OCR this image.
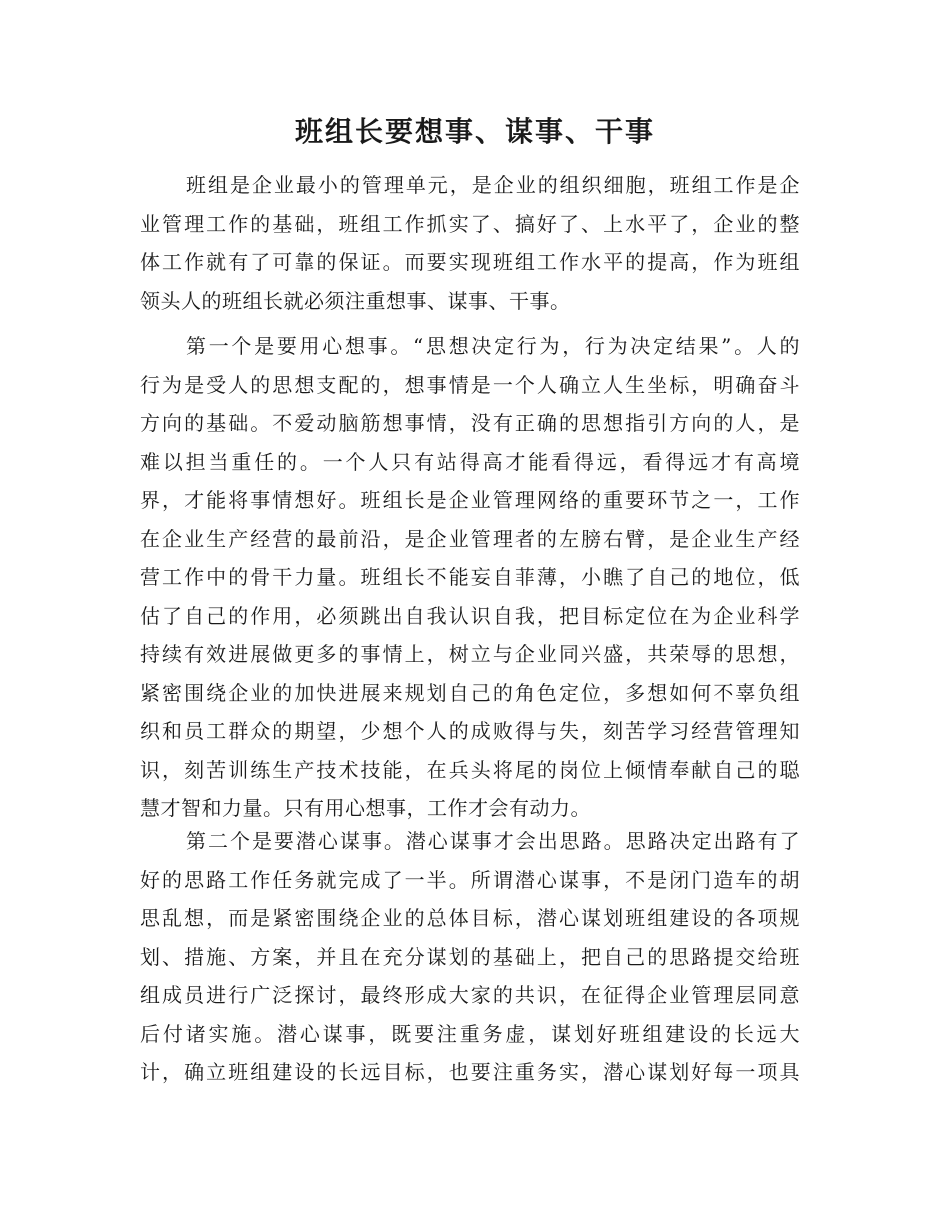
班组长要想事、谋事、干事
班组是企业最小的管理单元，是企业的组织细胞，班组工作是企
业管理工作的基础，班组工作抓实了、搞好了、上水平了，企业的整
体工作就有了可靠的保证。而要实现班组工作水平的提高，作为班组
领头人的班组长就必须注重想事、谋事、干事。
第一个是要用心想事。“思想决定行为，行为决定结果”。人的
行为是受人的思想支配的，想事情是一个人确立人生坐标，明确奋斗
方向的基础。不爱动脑筋想事情，没有正确的思想指引方向的人，是
难以担当重任的。一个人只有站得高才能看得远，看得远才有高境
界，才能将事情想好。班组长是企业管理网络的重要环节之一，工作
在企业生产经营的最前沿，是企业管理者的左膀右臂，是企业生产经
营工作中的骨干力量。班组长不能妄自菲薄，小瞧了自己的地位，低
估了自己的作用，必须跳出自我认识自我，把目标定位在为企业科学
持续有效进展做更多的事情上，树立与企业同兴盛，共荣辱的思想，
紧密围绕企业的加快进展来规划自己的角色定位，多想如何不辜负组
织和员工群众的期望，少想个人的成败得与失，刻苦学习经营管理知
识，刻苦训练生产技术技能，在兵头将尾的岗位上倾情奉献自己的聪
慧才智和力量。只有用心想事，工作才会有动力。
第二个是要潜心谋事。潜心谋事才会出思路。思路决定出路有了
好的思路工作任务就完成了一半。所谓潜心谋事，不是闭门造车的胡
思乱想，而是紧密围绕企业的总体目标，潜心谋划班组建设的各项规
划、措施、方案，并且在充分谋划的基础上，把自己的思路提交给班
组成员进行广泛探讨，最终形成大家的共识，在征得企业管理层同意
后付诸实施。潜心谋事，既要注重务虚，谋划好班组建设的长远大
计，确立班组建设的长远目标，也要注重务实，潜心谋划好每一项具
